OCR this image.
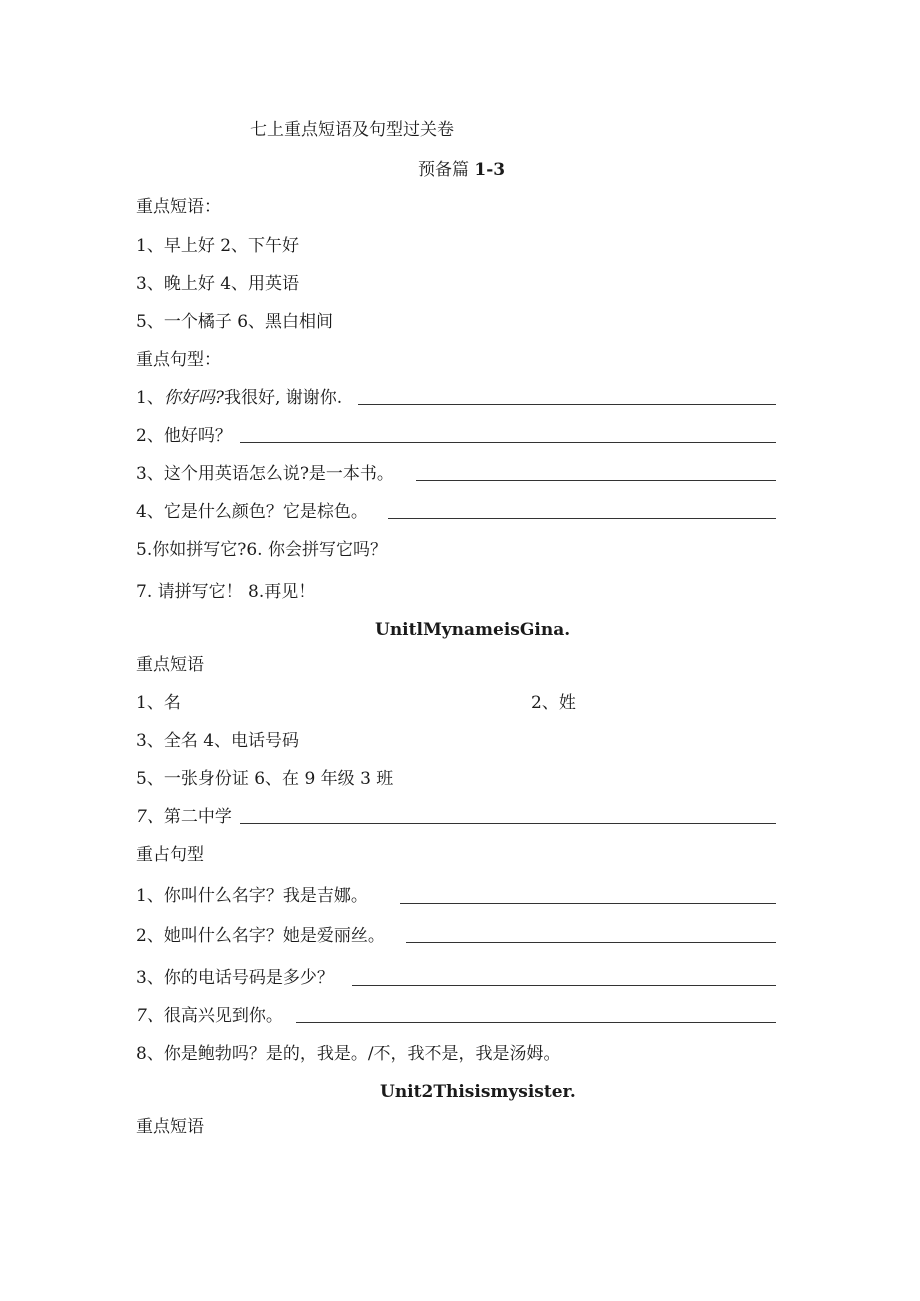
七上重点短语及句型过关卷
预备篇 1-3
重点短语：
1、早上好 2、下午好
3、晚上好 4、用英语
5、一个橘子 6、黑白相间
重点句型：
1、你好吗?我很好, 谢谢你.
2、他好吗？
3、这个用英语怎么说?是一本书。
4、它是什么颜色？它是棕色。
5.你如拼写它?6. 你会拼写它吗？
7. 请拼写它！ 8.再见！
UnitlMynameisGina.
重点短语
1、名	2、姓
3、全名 4、电话号码
5、一张身份证 6、在 9 年级 3 班
7、第二中学
重占句型
1、你叫什么名字？我是吉娜。
2、她叫什么名字？她是爱丽丝。
3、你的电话号码是多少？
7、很高兴见到你。
8、你是鲍勃吗？是的，我是。/不，我不是，我是汤姆。
Unit2Thisismysister.
重点短语
